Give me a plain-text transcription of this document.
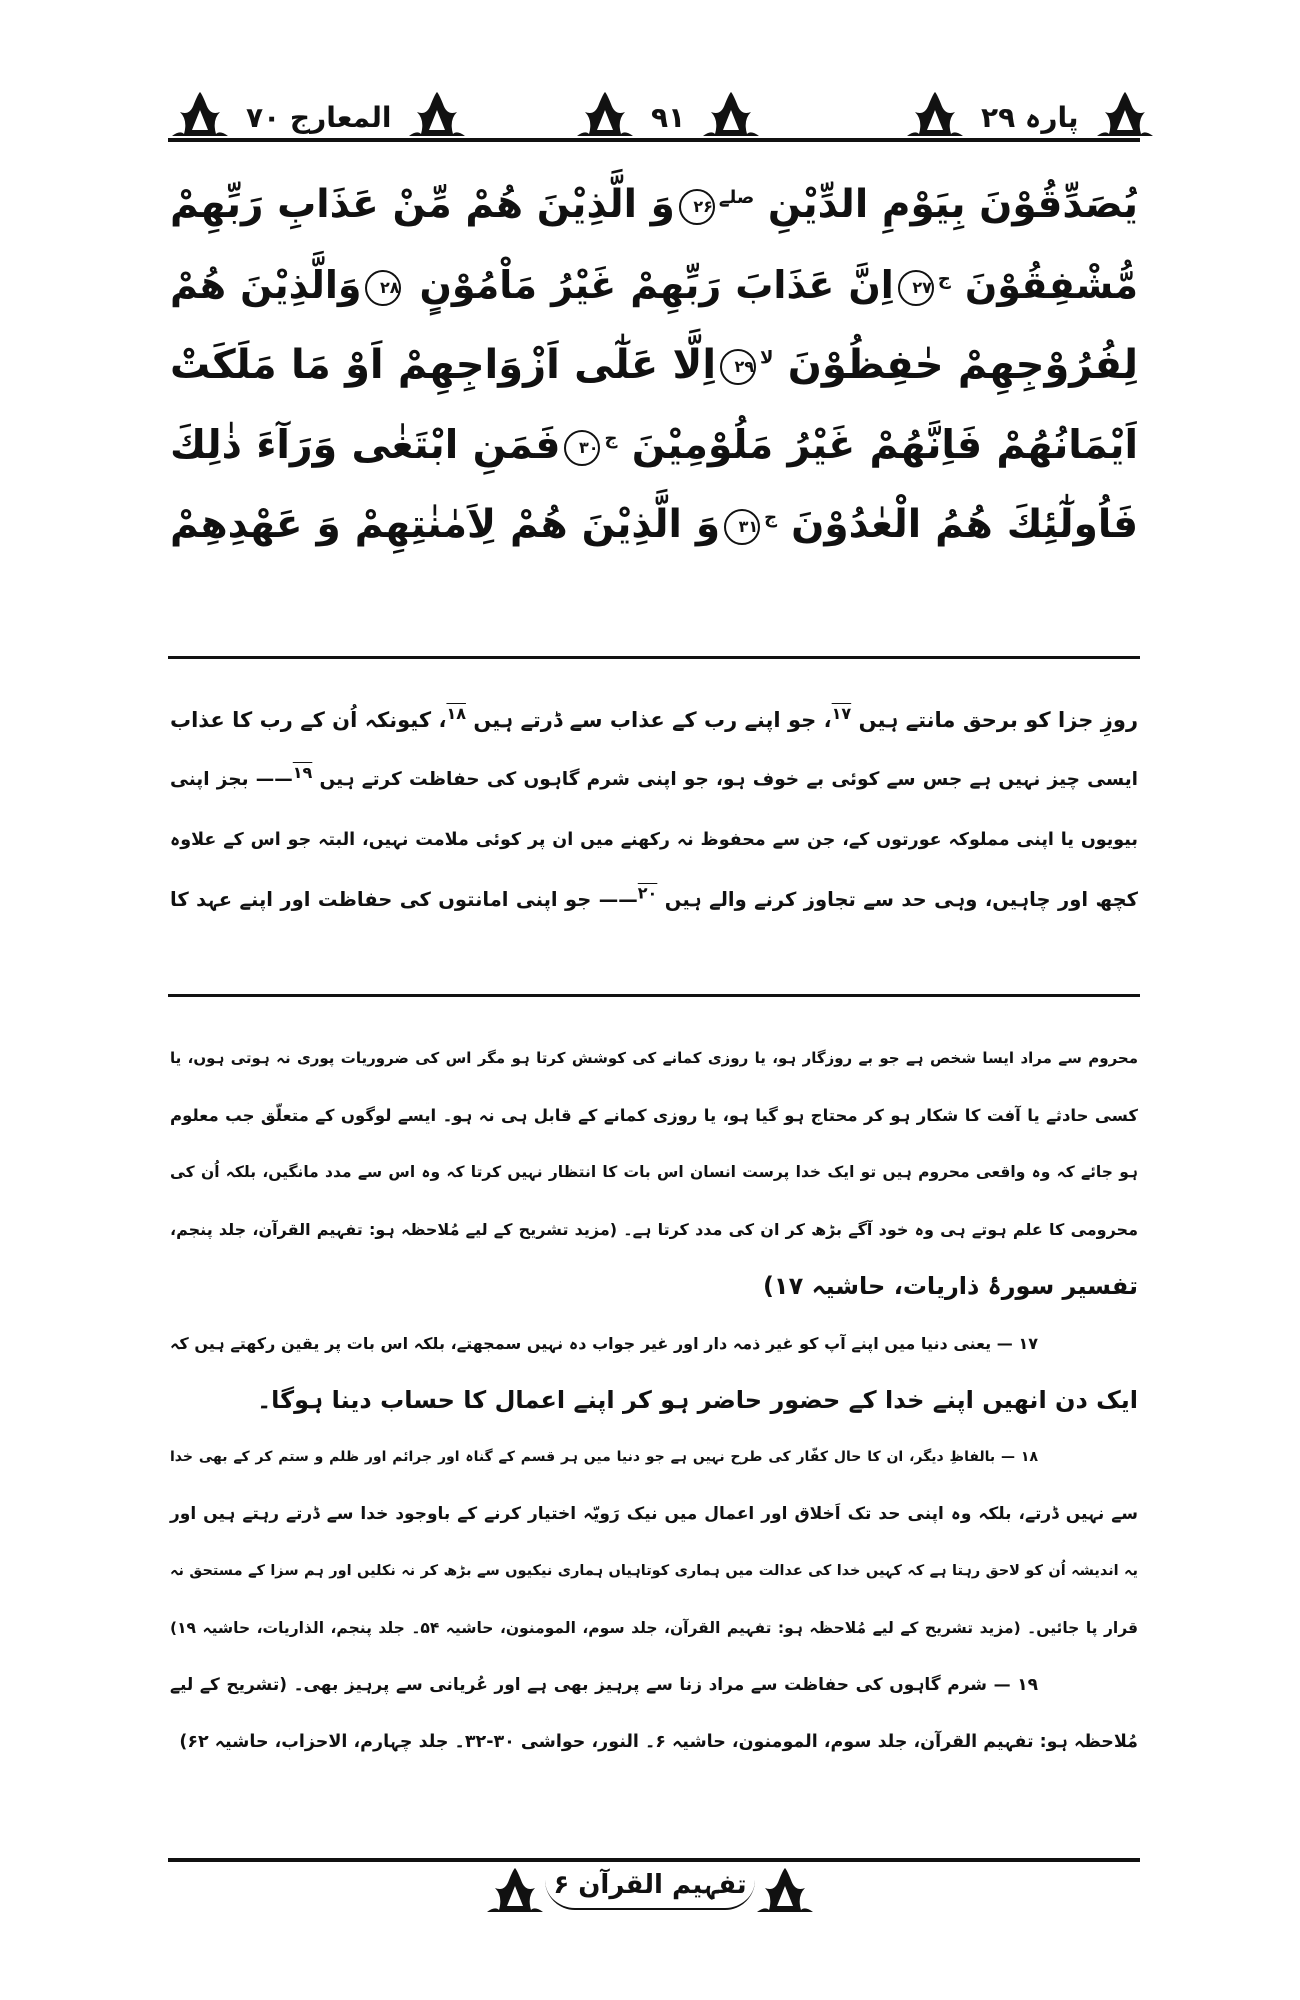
المعارج ۷۰	۹۱	پارہ ۲۹
يُصَدِّقُوْنَ بِيَوْمِ الدِّيْنِ $^{صلے}$۲۶وَ الَّذِيْنَ هُمْ مِّنْ عَذَابِ رَبِّهِمْ
مُّشْفِقُوْنَ $^ج$۲۷اِنَّ عَذَابَ رَبِّهِمْ غَيْرُ مَاْمُوْنٍ ۲۸وَالَّذِيْنَ هُمْ
لِفُرُوْجِهِمْ حٰفِظُوْنَ $^{لا}$۲۹اِلَّا عَلٰٓى اَزْوَاجِهِمْ اَوْ مَا مَلَكَتْ
اَيْمَانُهُمْ فَاِنَّهُمْ غَيْرُ مَلُوْمِيْنَ $^ج$۳۰فَمَنِ ابْتَغٰى وَرَآءَ ذٰلِكَ
فَاُولٰٓئِكَ هُمُ الْعٰدُوْنَ $^ج$۳۱وَ الَّذِيْنَ هُمْ لِاَمٰنٰتِهِمْ وَ عَهْدِهِمْ
روزِ جزا کو برحق مانتے ہیں $^{۱۷}$، جو اپنے رب کے عذاب سے ڈرتے ہیں $^{۱۸}$، کیونکہ اُن کے رب کا عذاب
ایسی چیز نہیں ہے جس سے کوئی بے خوف ہو، جو اپنی شرم گاہوں کی حفاظت کرتے ہیں ۱۹—— بجز اپنی
بیویوں یا اپنی مملوکہ عورتوں کے، جن سے محفوظ نہ رکھنے میں ان پر کوئی ملامت نہیں، البتہ جو اس کے علاوہ
کچھ اور چاہیں، وہی حد سے تجاوز کرنے والے ہیں $^{۲۰}$—— جو اپنی امانتوں کی حفاظت اور اپنے عہد کا
محروم سے مراد ایسا شخص ہے جو بے روزگار ہو، یا روزی کمانے کی کوشش کرتا ہو مگر اس کی ضروریات پوری نہ ہوتی ہوں، یا
کسی حادثے یا آفت کا شکار ہو کر محتاج ہو گیا ہو، یا روزی کمانے کے قابل ہی نہ ہو۔ ایسے لوگوں کے متعلّق جب معلوم
ہو جائے کہ وہ واقعی محروم ہیں تو ایک خدا پرست انسان اس بات کا انتظار نہیں کرتا کہ وہ اس سے مدد مانگیں، بلکہ اُن کی
محرومی کا علم ہوتے ہی وہ خود آگے بڑھ کر ان کی مدد کرتا ہے۔ (مزید تشریح کے لیے مُلاحظہ ہو: تفہیم القرآن، جلد پنجم،
تفسیر سورۂ ذاریات، حاشیہ ۱۷)
۱۷ — یعنی دنیا میں اپنے آپ کو غیر ذمہ دار اور غیر جواب دہ نہیں سمجھتے، بلکہ اس بات پر یقین رکھتے ہیں کہ
ایک دن انھیں اپنے خدا کے حضور حاضر ہو کر اپنے اعمال کا حساب دینا ہوگا۔
۱۸ — بالفاظِ دیگر، ان کا حال کفّار کی طرح نہیں ہے جو دنیا میں ہر قسم کے گناہ اور جرائم اور ظلم و ستم کر کے بھی خدا
سے نہیں ڈرتے، بلکہ وہ اپنی حد تک اَخلاق اور اعمال میں نیک رَویّہ اختیار کرنے کے باوجود خدا سے ڈرتے رہتے ہیں اور
یہ اندیشہ اُن کو لاحق رہتا ہے کہ کہیں خدا کی عدالت میں ہماری کوتاہیاں ہماری نیکیوں سے بڑھ کر نہ نکلیں اور ہم سزا کے مستحق نہ
قرار پا جائیں۔ (مزید تشریح کے لیے مُلاحظہ ہو: تفہیم القرآن، جلد سوم، المومنون، حاشیہ ۵۴۔ جلد پنجم، الذاریات، حاشیہ ۱۹)
۱۹ — شرم گاہوں کی حفاظت سے مراد زنا سے پرہیز بھی ہے اور عُریانی سے پرہیز بھی۔ (تشریح کے لیے
مُلاحظہ ہو: تفہیم القرآن، جلد سوم، المومنون، حاشیہ ۶۔ النور، حواشی ۳۰-۳۲۔ جلد چہارم، الاحزاب، حاشیہ ۶۲)
تفہیم القرآن ۶
